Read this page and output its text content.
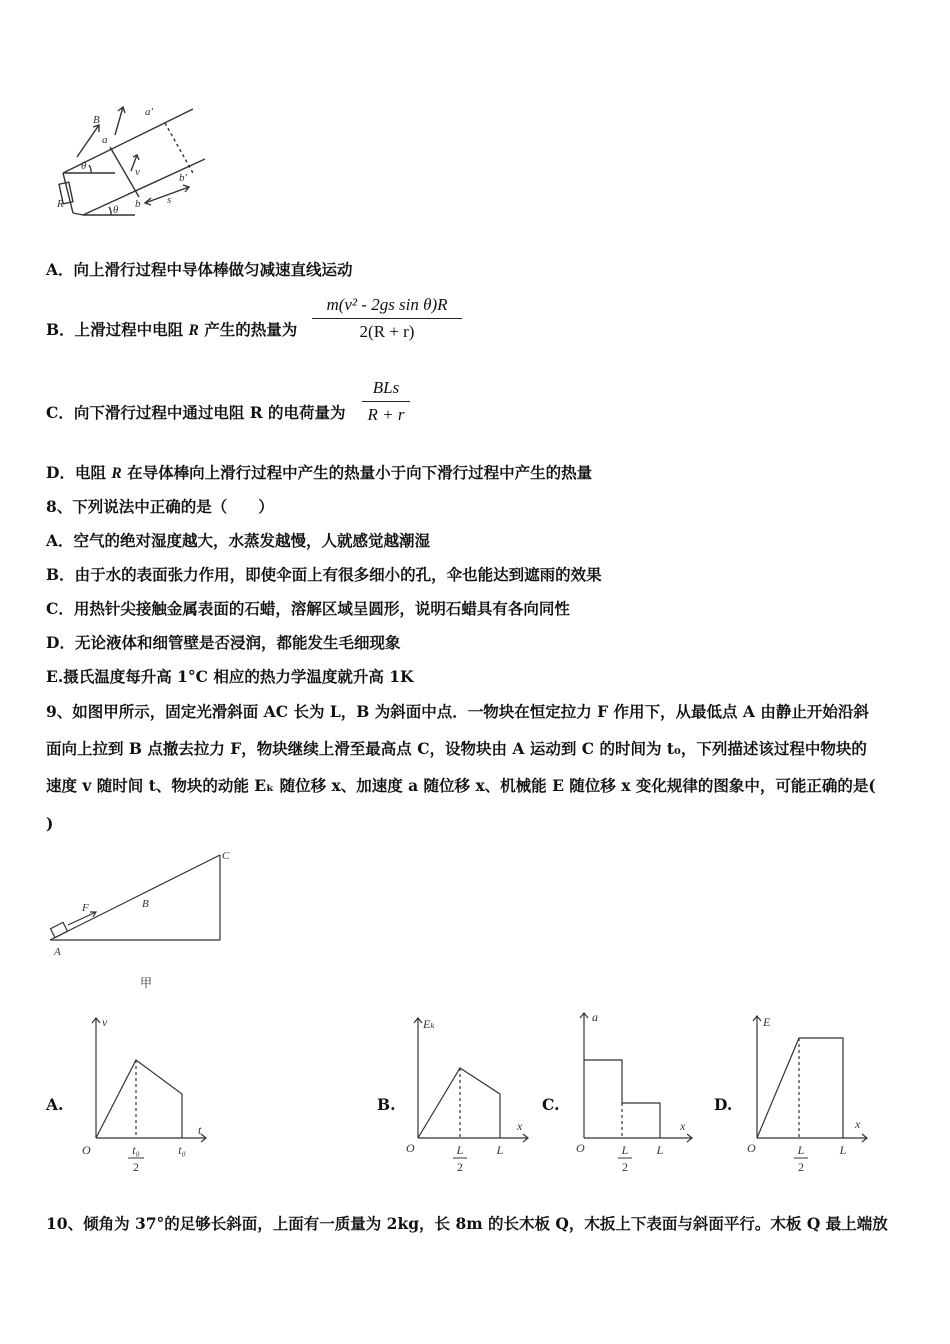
B
a
a'
θ	v
R	θ b
b'
s
A．向上滑行过程中导体棒做匀减速直线运动
B．上滑过程中电阻 R 产生的热量为
m(v² - 2gs sin θ)R
2(R + r)
C．向下滑行过程中通过电阻 R 的电荷量为
BLs
R + r
D．电阻 R 在导体棒向上滑行过程中产生的热量小于向下滑行过程中产生的热量
8、下列说法中正确的是（　　）
A．空气的绝对湿度越大，水蒸发越慢，人就感觉越潮湿
B．由于水的表面张力作用，即使伞面上有很多细小的孔，伞也能达到遮雨的效果
C．用热针尖接触金属表面的石蜡，溶解区域呈圆形，说明石蜡具有各向同性
D．无论液体和细管壁是否浸润，都能发生毛细现象
E.摄氏温度每升高 1°C 相应的热力学温度就升高 1K
9、如图甲所示，固定光滑斜面 AC 长为 L，B 为斜面中点．一物块在恒定拉力 F 作用下，从最低点 A 由静止开始沿斜
面向上拉到 B 点撤去拉力 F，物块继续上滑至最高点 C，设物块由 A 运动到 C 的时间为 t₀，下列描述该过程中物块的
速度 v 随时间 t、物块的动能 Eₖ 随位移 x、加速度 a 随位移 x、机械能 E 随位移 x 变化规律的图象中，可能正确的是(
)
C
B
F
A
甲
A.
v
t
O	t₀
2
t₀
B.
Eₖ
x
O	L
2
L
C.
a
x
O	L
2
L
D.
E
x
O	L
2
L
10、倾角为 37°的足够长斜面，上面有一质量为 2kg，长 8m 的长木板 Q，木扳上下表面与斜面平行。木板 Q 最上端放
